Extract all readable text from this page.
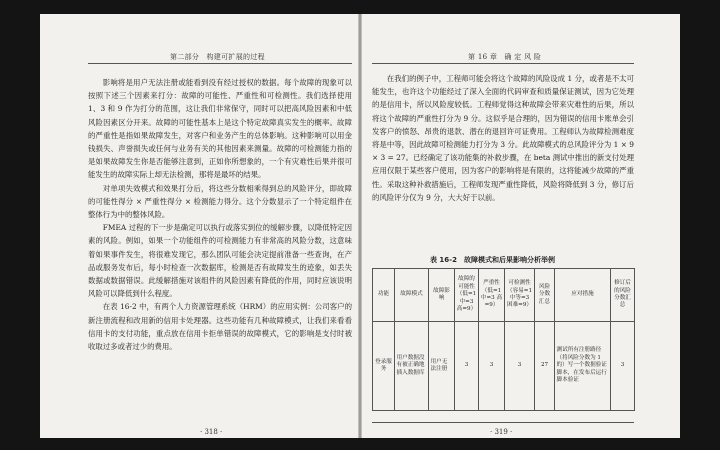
第二部分　构建可扩展的过程

影响将是用户无法注册或能看到没有经过授权的数据。每个故障的现象可以按照下述三个因素来打分：故障的可能性、严重性和可检测性。我们选择使用 1、3 和 9 作为打分的范围，这让我们非常保守，同时可以把高风险因素和中低风险因素区分开来。故障的可能性基本上是这个特定故障真实发生的概率。故障的严重性是指如果故障发生，对客户和业务产生的总体影响。这种影响可以用金钱损失、声誉损失或任何与业务有关的其他因素来测量。故障的可检测能力指的是如果故障发生你是否能够注意到，正如你所想象的，一个有灾难性后果并很可能发生的故障实际上却无法检测，那将是最坏的结果。

对单项失效模式和效果打分后，将这些分数相乘得到总的风险评分，即故障的可能性得分 × 严重性得分 × 检测能力得分。这个分数显示了一个特定组件在整体行为中的整体风险。

FMEA 过程的下一步是确定可以执行或落实到位的缓解步骤，以降低特定因素的风险。例如，如果一个功能组件的可检测能力有非常高的风险分数，这意味着如果事件发生，将很难发现它，那么团队可能会决定提前准备一些查询，在产品或服务发布后，每小时检查一次数据库，检测是否有故障发生的迹象，如丢失数据或数据错误。此缓解措施对该组件的风险因素有降低的作用，同时应该说明风险可以降低到什么程度。

在表 16-2 中，有两个人力资源管理系统（HRM）的应用实例：公司客户的新注册流程和改用新的信用卡处理器。这些功能有几种故障模式，让我们来看看信用卡的支付功能，重点放在信用卡拒单错误的故障模式，它的影响是支付时被收取过多或者过少的费用。

· 318 ·
第 16 章　确 定 风 险

在我们的例子中，工程师可能会将这个故障的风险设成 1 分，或者是不太可能发生，也许这个功能经过了深入全面的代码审查和质量保证测试，因为它处理的是信用卡，所以风险度较低。工程师觉得这种故障会带来灾难性的后果，所以将这个故障的严重性打分为 9 分。这似乎是合理的，因为错误的信用卡账单会引发客户的愤怒、昂贵的退款、潜在的退回许可证费用。工程师认为故障检测难度将是中等，因此故障可检测能力打分为 3 分。此故障模式的总风险评分为 1 × 9 × 3 = 27。已经确定了该功能集的补救步骤，在 beta 测试中推出的新支付处理应用仅限于某些客户使用，因为客户的影响将是有限的，这将能减少故障的严重性。采取这种补救措施后，工程师发现严重性降低，风险将降低到 3 分，修订后的风险评分仅为 9 分，大大好于以前。

表 16-2　故障模式和后果影响分析举例
功能	故障模式	故障影响	故障的可能性（低=1 中=3 高=9）	严重性（低=1 中=3 高=9）	可检测性（容易=1 中等=3 困难=9）	风险分数汇总	应对措施	修订后的风险分数汇总
登录服务	用户数据没有被正确地插入数据库	用户无法注册	3	3	3	27	测试所有注册路径（将风险分数为 1 的）写一个数据验证脚本，在发布后运行脚本验证	3
· 319 ·
